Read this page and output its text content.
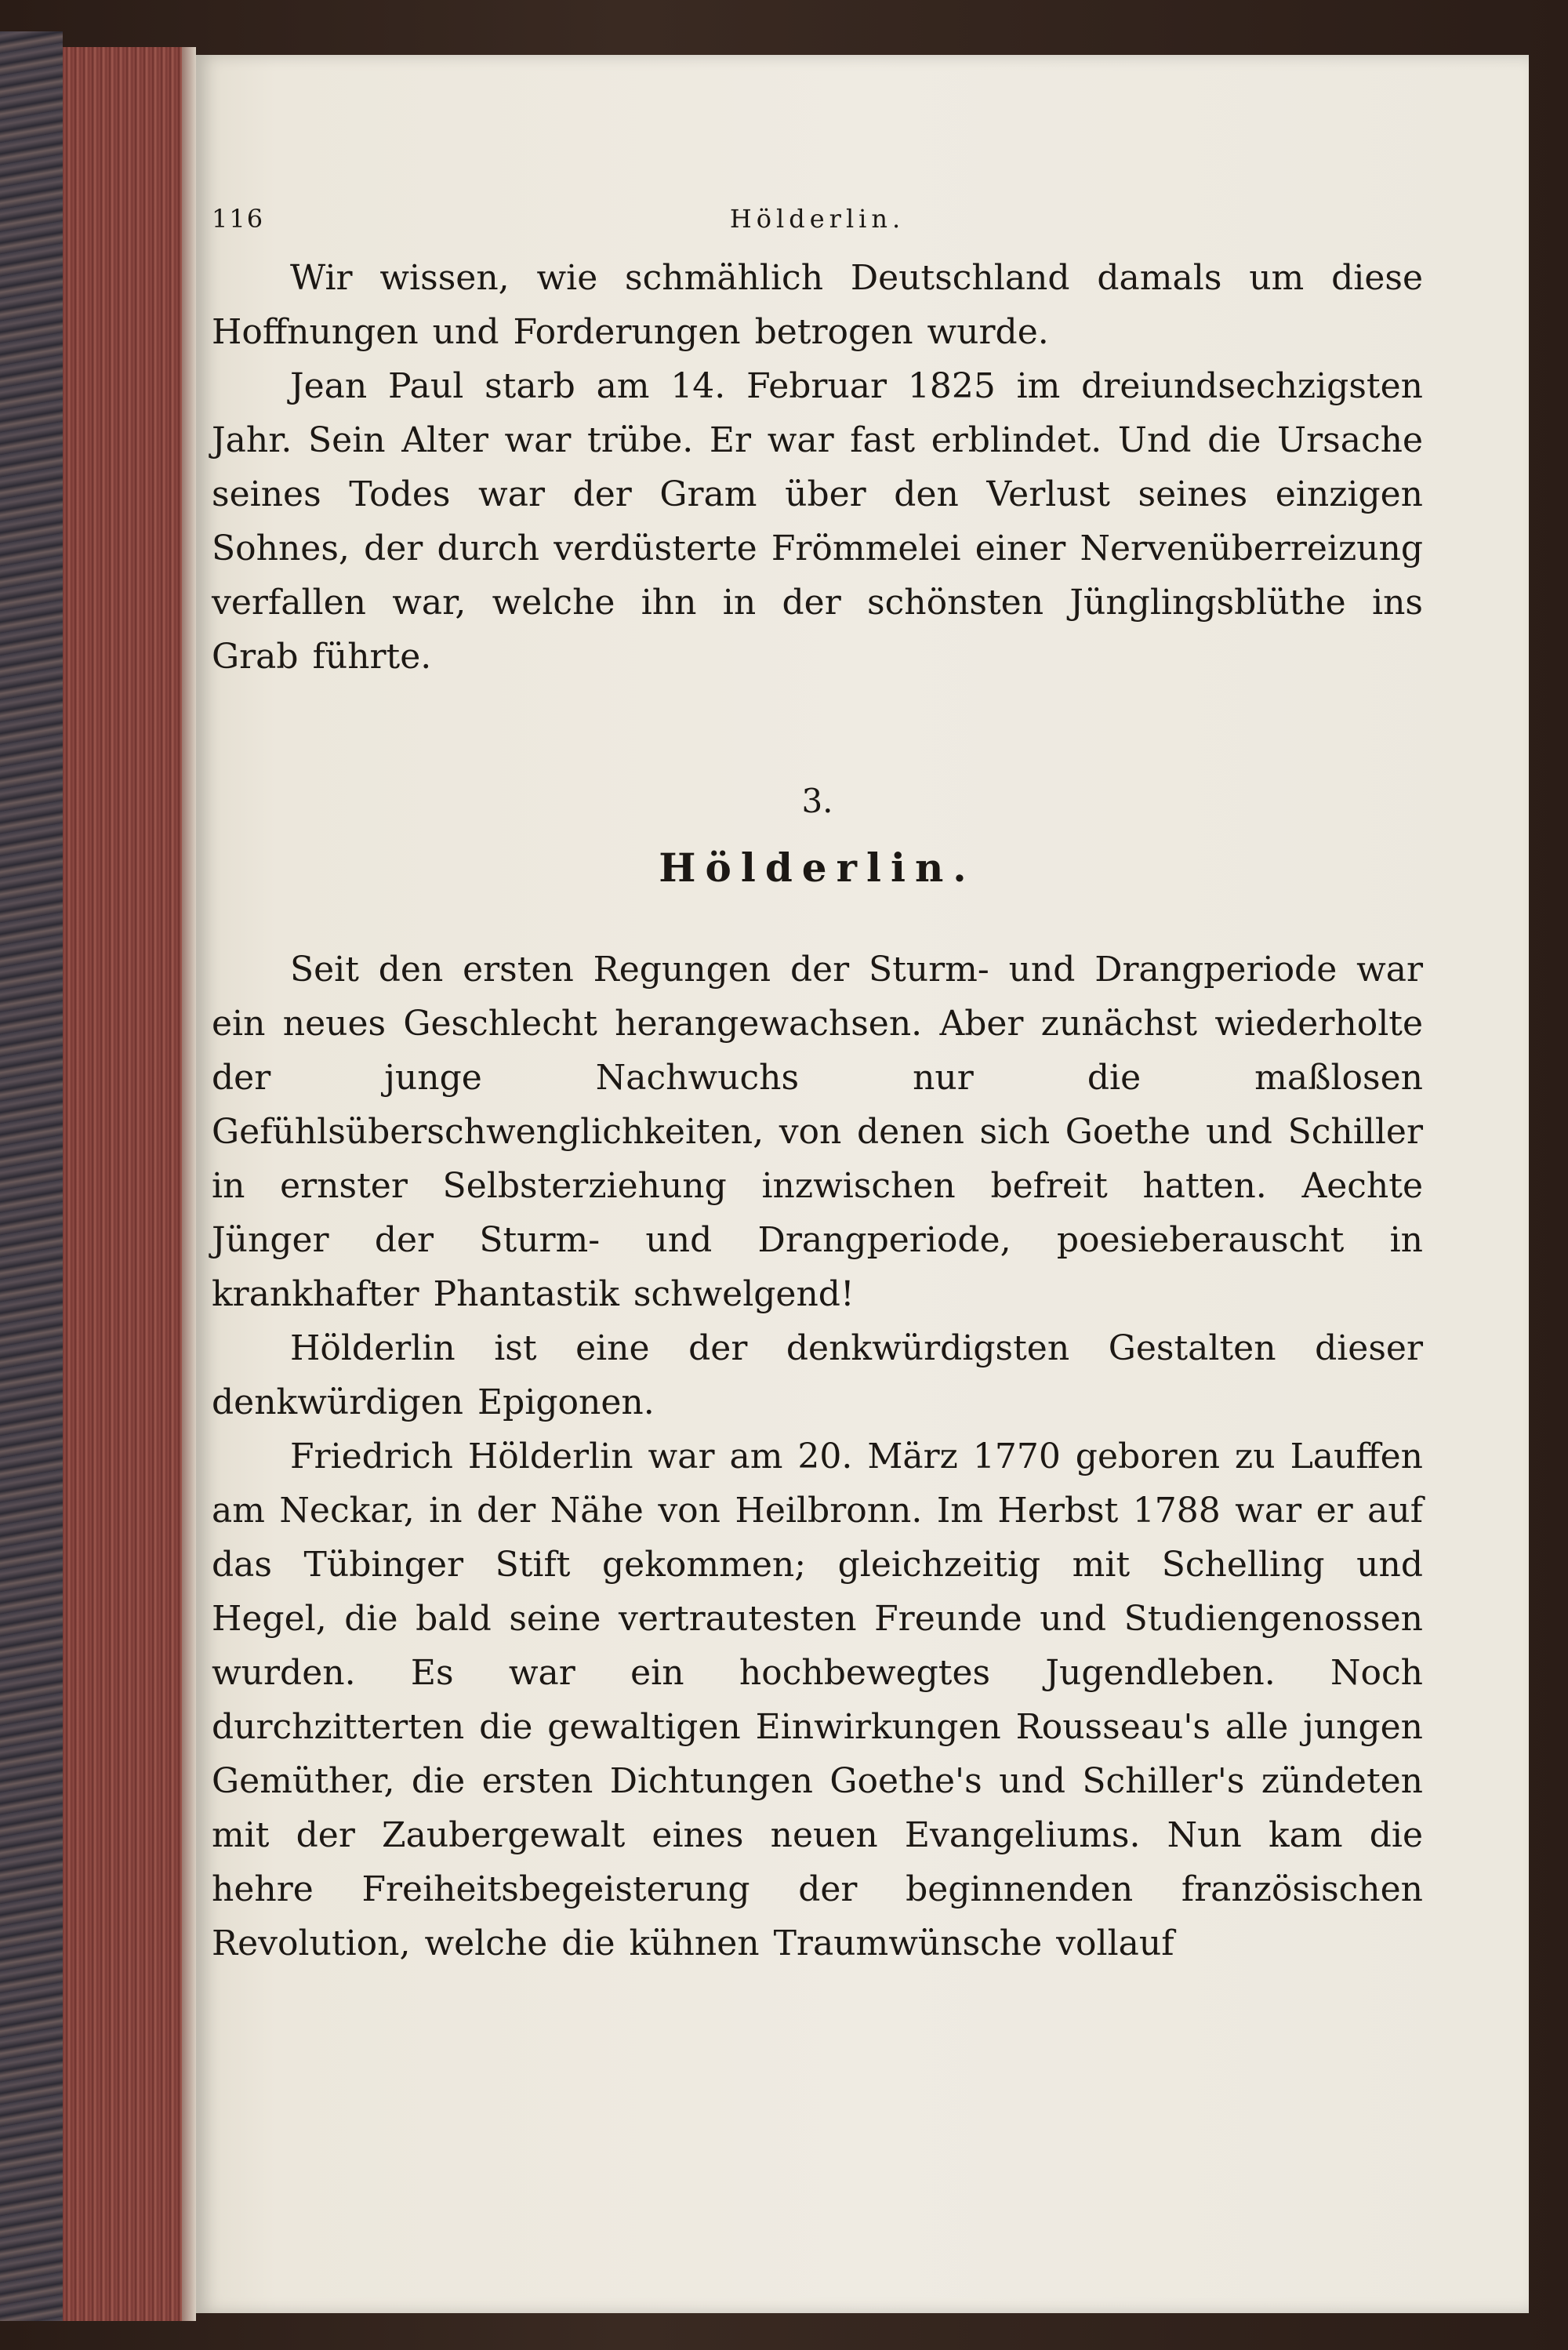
116	Hölderlin.

Wir wissen, wie schmählich Deutschland damals um diese Hoffnungen und Forderungen betrogen wurde.

Jean Paul starb am 14. Februar 1825 im dreiundsechzigsten Jahr. Sein Alter war trübe. Er war fast erblindet. Und die Ursache seines Todes war der Gram über den Verlust seines einzigen Sohnes, der durch verdüsterte Frömmelei einer Nervenüberreizung verfallen war, welche ihn in der schönsten Jünglingsblüthe ins Grab führte.

3.
Hölderlin.

Seit den ersten Regungen der Sturm- und Drangperiode war ein neues Geschlecht herangewachsen. Aber zunächst wiederholte der junge Nachwuchs nur die maßlosen Gefühlsüberschwenglichkeiten, von denen sich Goethe und Schiller in ernster Selbsterziehung inzwischen befreit hatten. Aechte Jünger der Sturm- und Drangperiode, poesieberauscht in krankhafter Phantastik schwelgend!

Hölderlin ist eine der denkwürdigsten Gestalten dieser denkwürdigen Epigonen.

Friedrich Hölderlin war am 20. März 1770 geboren zu Lauffen am Neckar, in der Nähe von Heilbronn. Im Herbst 1788 war er auf das Tübinger Stift gekommen; gleichzeitig mit Schelling und Hegel, die bald seine vertrautesten Freunde und Studiengenossen wurden. Es war ein hochbewegtes Jugendleben. Noch durchzitterten die gewaltigen Einwirkungen Rousseau's alle jungen Gemüther, die ersten Dichtungen Goethe's und Schiller's zündeten mit der Zaubergewalt eines neuen Evangeliums. Nun kam die hehre Freiheitsbegeisterung der beginnenden französischen Revolution, welche die kühnen Traumwünsche vollauf
